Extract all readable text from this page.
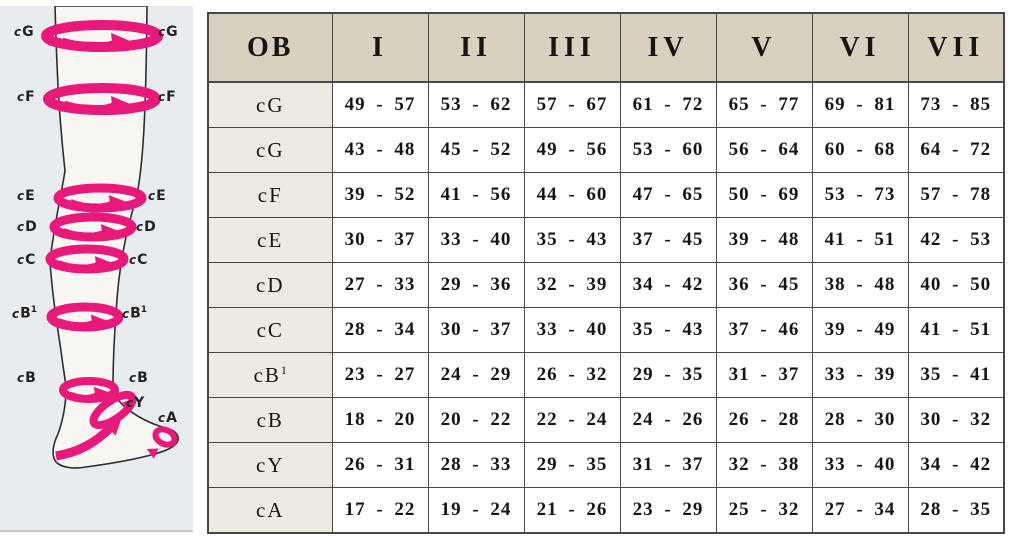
cG	cG
cF	cF
cE	cE
cD	cD
cC	cC
$cB^1$	$cB^1$
cB	cB
cY
cA
OB	I	II	III	IV	V	VI	VII
cG	49 - 57	53 - 62	57 - 67	61 - 72	65 - 77	69 - 81	73 - 85
cG	43 - 48	45 - 52	49 - 56	53 - 60	56 - 64	60 - 68	64 - 72
cF	39 - 52	41 - 56	44 - 60	47 - 65	50 - 69	53 - 73	57 - 78
cE	30 - 37	33 - 40	35 - 43	37 - 45	39 - 48	41 - 51	42 - 53
cD	27 - 33	29 - 36	32 - 39	34 - 42	36 - 45	38 - 48	40 - 50
cC	28 - 34	30 - 37	33 - 40	35 - 43	37 - 46	39 - 49	41 - 51
$cB^1$	23 - 27	24 - 29	26 - 32	29 - 35	31 - 37	33 - 39	35 - 41
cB	18 - 20	20 - 22	22 - 24	24 - 26	26 - 28	28 - 30	30 - 32
cY	26 - 31	28 - 33	29 - 35	31 - 37	32 - 38	33 - 40	34 - 42
cA	17 - 22	19 - 24	21 - 26	23 - 29	25 - 32	27 - 34	28 - 35
